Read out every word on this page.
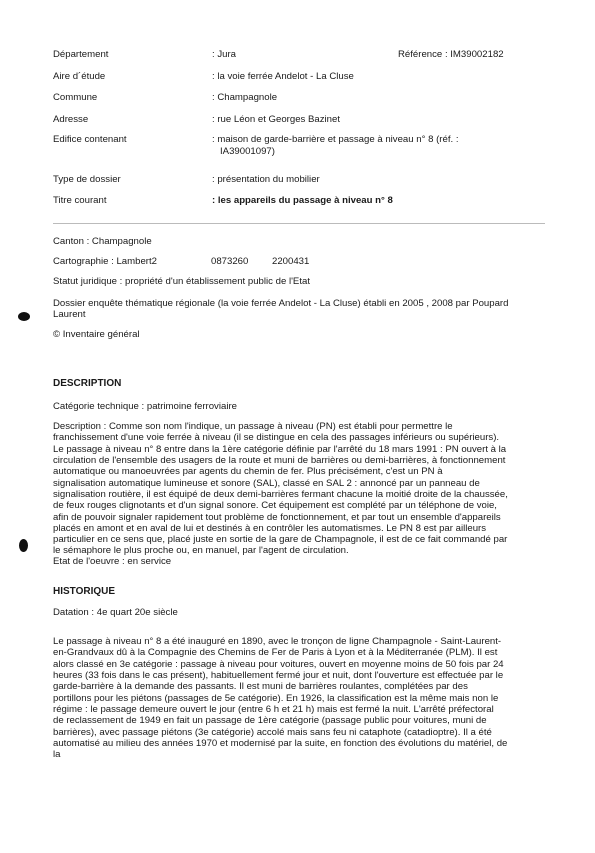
Département	: Jura	Référence : IM39002182
Aire d´étude	: la voie ferrée Andelot - La Cluse
Commune	: Champagnole
Adresse	: rue Léon et Georges Bazinet
Edifice contenant	: maison de garde-barrière et passage à niveau n° 8 (réf. :
IA39001097)
Type de dossier	: présentation du mobilier
Titre courant	: les appareils du passage à niveau n° 8
Canton : Champagnole
Cartographie : Lambert2	0873260 2200431
Statut juridique : propriété d'un établissement public de l'Etat
Dossier enquête thématique régionale (la voie ferrée Andelot - La Cluse) établi en 2005 , 2008 par Poupard
Laurent
© Inventaire général
DESCRIPTION
Catégorie technique : patrimoine ferroviaire
Description : Comme son nom l'indique, un passage à niveau (PN) est établi pour permettre le
franchissement d'une voie ferrée à niveau (il se distingue en cela des passages inférieurs ou supérieurs).
Le passage à niveau n° 8 entre dans la 1ère catégorie définie par l'arrêté du 18 mars 1991 : PN ouvert à la
circulation de l'ensemble des usagers de la route et muni de barrières ou demi-barrières, à fonctionnement
automatique ou manoeuvrées par agents du chemin de fer. Plus précisément, c'est un PN à
signalisation automatique lumineuse et sonore (SAL), classé en SAL 2 : annoncé par un panneau de
signalisation routière, il est équipé de deux demi-barrières fermant chacune la moitié droite de la chaussée,
de feux rouges clignotants et d'un signal sonore. Cet équipement est complété par un téléphone de voie,
afin de pouvoir signaler rapidement tout problème de fonctionnement, et par tout un ensemble d'appareils
placés en amont et en aval de lui et destinés à en contrôler les automatismes. Le PN 8 est par ailleurs
particulier en ce sens que, placé juste en sortie de la gare de Champagnole, il est de ce fait commandé par
le sémaphore le plus proche ou, en manuel, par l'agent de circulation.
Etat de l'oeuvre : en service
HISTORIQUE
Datation : 4e quart 20e siècle
Le passage à niveau n° 8 a été inauguré en 1890, avec le tronçon de ligne Champagnole - Saint-Laurent-
en-Grandvaux dû à la Compagnie des Chemins de Fer de Paris à Lyon et à la Méditerranée (PLM). Il est
alors classé en 3e catégorie : passage à niveau pour voitures, ouvert en moyenne moins de 50 fois par 24
heures (33 fois dans le cas présent), habituellement fermé jour et nuit, dont l'ouverture est effectuée par le
garde-barrière à la demande des passants. Il est muni de barrières roulantes, complétées par des
portillons pour les piétons (passages de 5e catégorie). En 1926, la classification est la même mais non le
régime : le passage demeure ouvert le jour (entre 6 h et 21 h) mais est fermé la nuit. L'arrêté préfectoral
de reclassement de 1949 en fait un passage de 1ère catégorie (passage public pour voitures, muni de
barrières), avec passage piétons (3e catégorie) accolé mais sans feu ni cataphote (catadioptre). Il a été
automatisé au milieu des années 1970 et modernisé par la suite, en fonction des évolutions du matériel, de
la
